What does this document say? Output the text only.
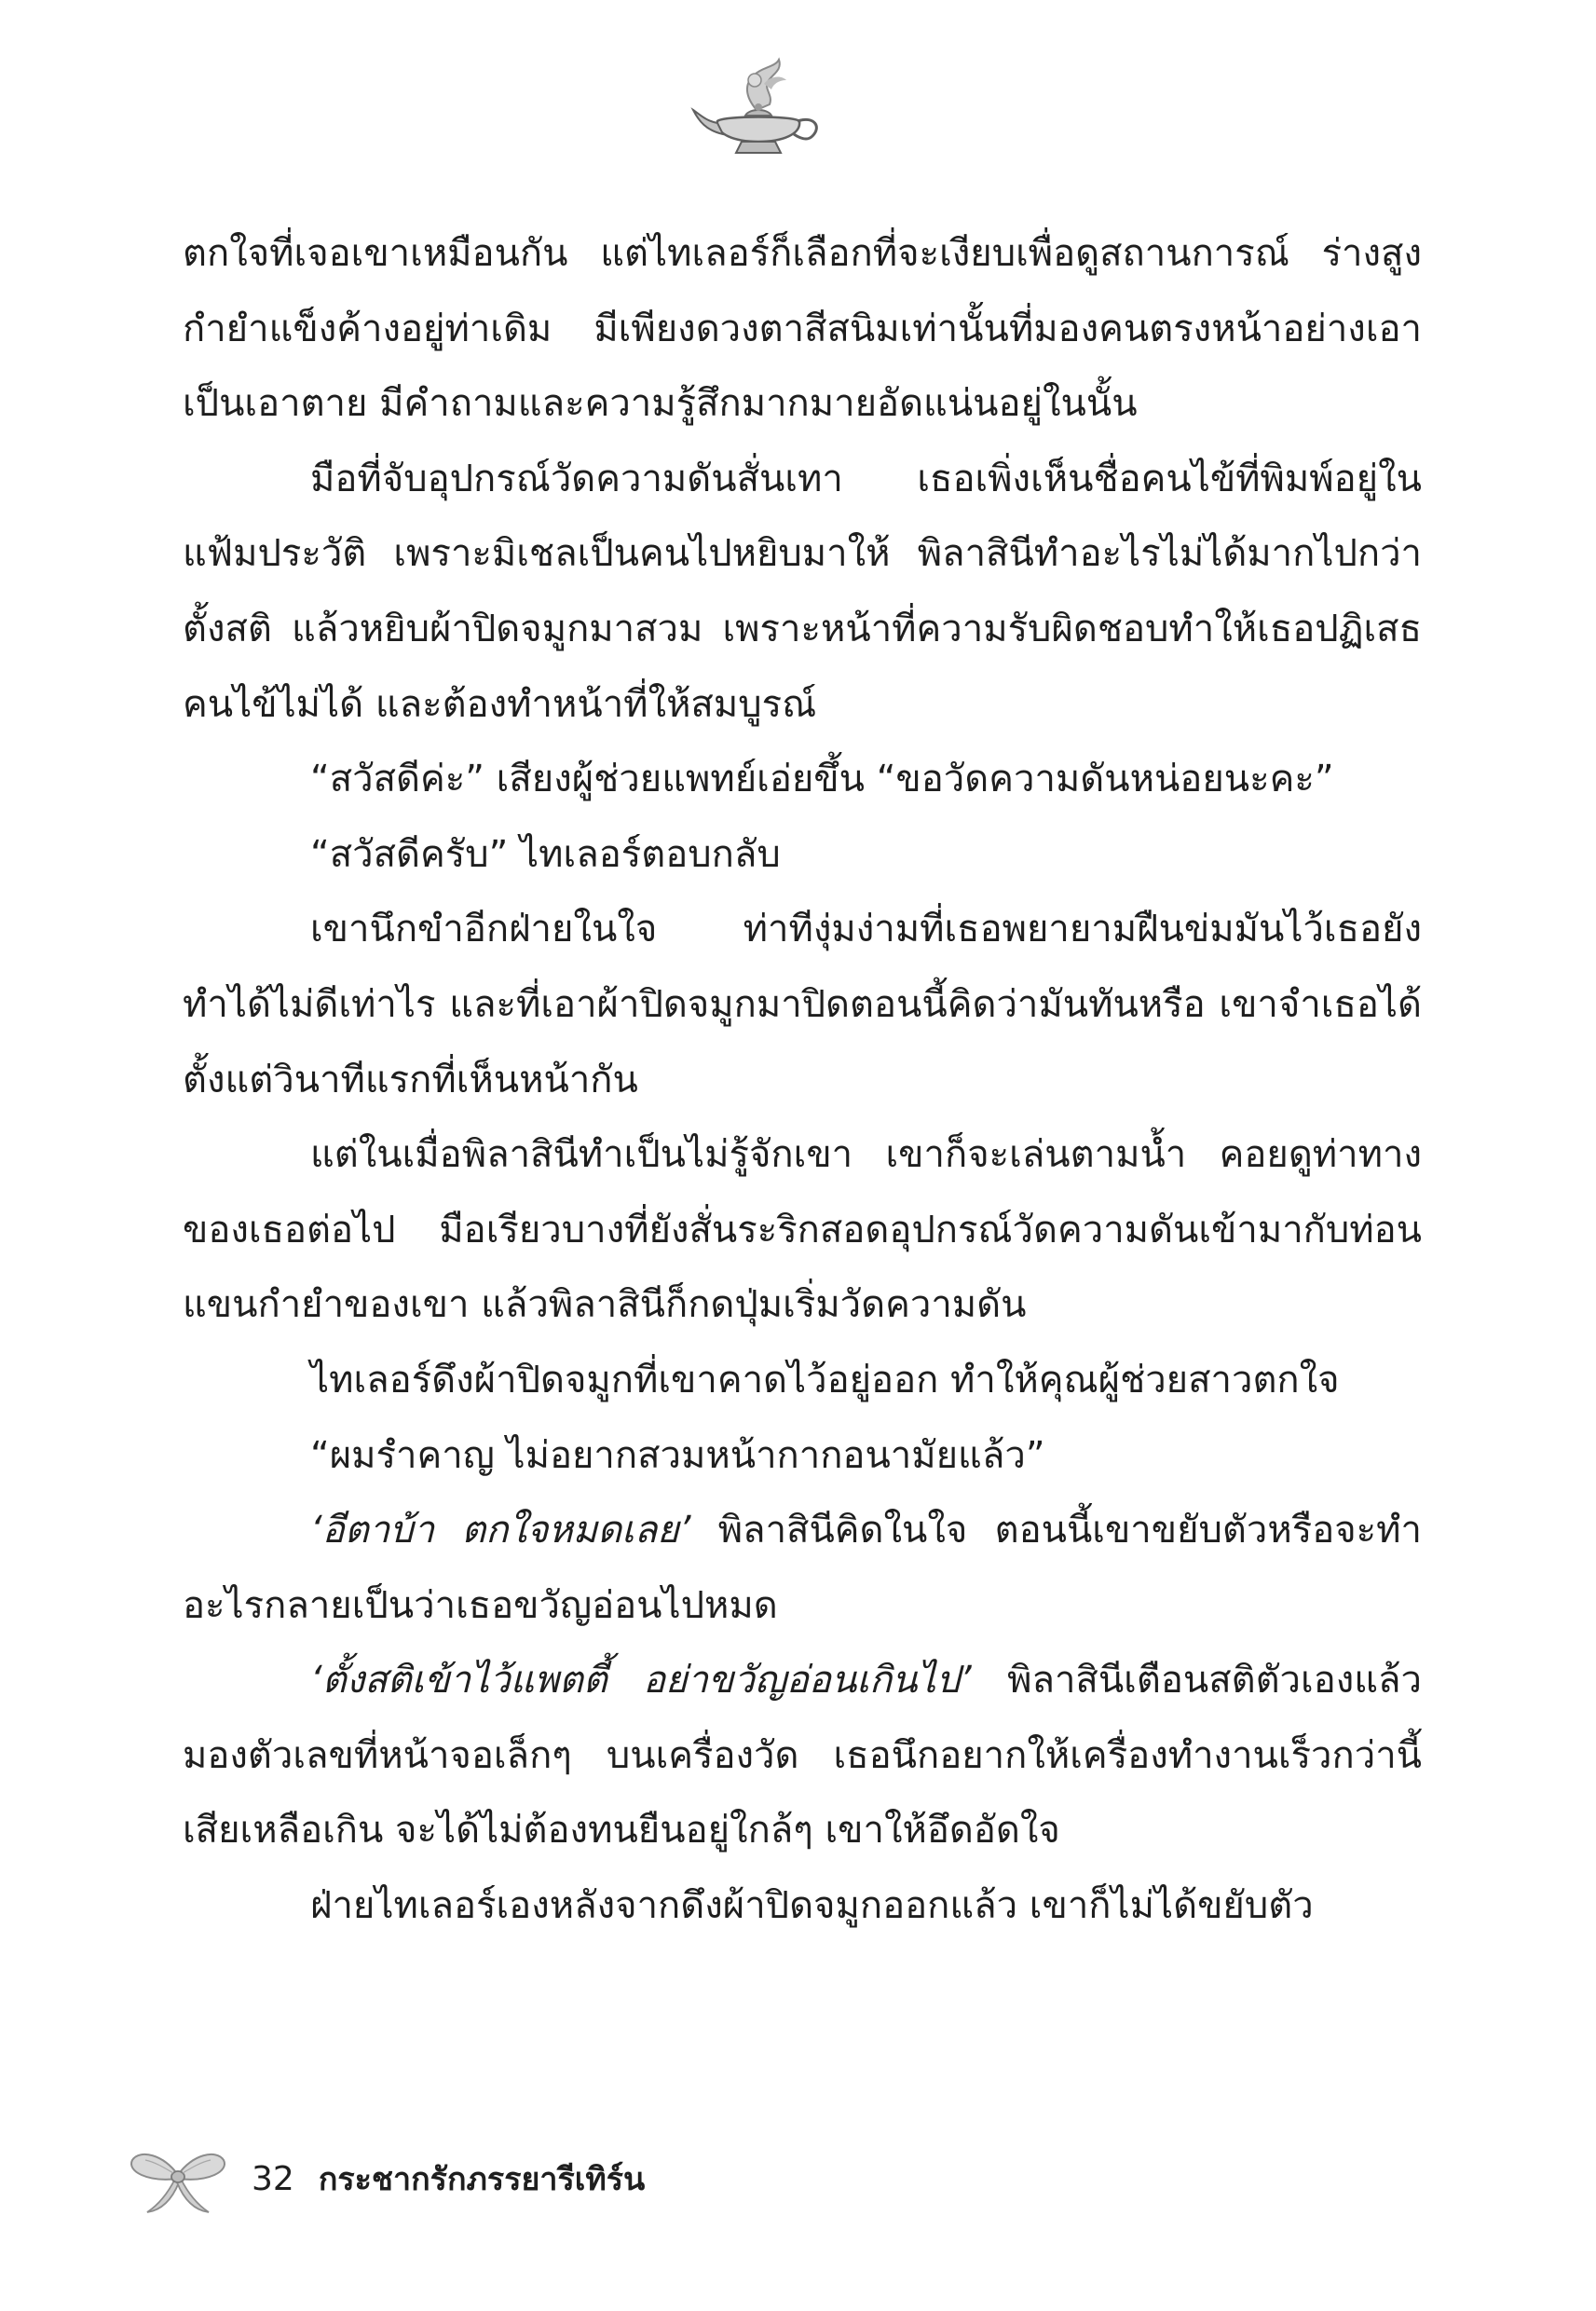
ตกใจที่เจอเขาเหมือนกัน แต่ไทเลอร์ก็เลือกที่จะเงียบเพื่อดูสถานการณ์ ร่างสูงกำยำแข็งค้างอยู่ท่าเดิม มีเพียงดวงตาสีสนิมเท่านั้นที่มองคนตรงหน้าอย่างเอาเป็นเอาตาย มีคำถามและความรู้สึกมากมายอัดแน่นอยู่ในนั้น

มือที่จับอุปกรณ์วัดความดันสั่นเทา เธอเพิ่งเห็นชื่อคนไข้ที่พิมพ์อยู่ในแฟ้มประวัติ เพราะมิเชลเป็นคนไปหยิบมาให้ พิลาสินีทำอะไรไม่ได้มากไปกว่าตั้งสติ แล้วหยิบผ้าปิดจมูกมาสวม เพราะหน้าที่ความรับผิดชอบทำให้เธอปฏิเสธคนไข้ไม่ได้ และต้องทำหน้าที่ให้สมบูรณ์

“สวัสดีค่ะ” เสียงผู้ช่วยแพทย์เอ่ยขึ้น “ขอวัดความดันหน่อยนะคะ”

“สวัสดีครับ” ไทเลอร์ตอบกลับ

เขานึกขำอีกฝ่ายในใจ ท่าทีงุ่มง่ามที่เธอพยายามฝืนข่มมันไว้เธอยังทำได้ไม่ดีเท่าไร และที่เอาผ้าปิดจมูกมาปิดตอนนี้คิดว่ามันทันหรือ เขาจำเธอได้ตั้งแต่วินาทีแรกที่เห็นหน้ากัน

แต่ในเมื่อพิลาสินีทำเป็นไม่รู้จักเขา เขาก็จะเล่นตามน้ำ คอยดูท่าทางของเธอต่อไป มือเรียวบางที่ยังสั่นระริกสอดอุปกรณ์วัดความดันเข้ามากับท่อนแขนกำยำของเขา แล้วพิลาสินีก็กดปุ่มเริ่มวัดความดัน

ไทเลอร์ดึงผ้าปิดจมูกที่เขาคาดไว้อยู่ออก ทำให้คุณผู้ช่วยสาวตกใจ

“ผมรำคาญ ไม่อยากสวมหน้ากากอนามัยแล้ว”

‘อีตาบ้า ตกใจหมดเลย’ พิลาสินีคิดในใจ ตอนนี้เขาขยับตัวหรือจะทำอะไรกลายเป็นว่าเธอขวัญอ่อนไปหมด

‘ตั้งสติเข้าไว้แพตตี้ อย่าขวัญอ่อนเกินไป’ พิลาสินีเตือนสติตัวเองแล้วมองตัวเลขที่หน้าจอเล็กๆ บนเครื่องวัด เธอนึกอยากให้เครื่องทำงานเร็วกว่านี้เสียเหลือเกิน จะได้ไม่ต้องทนยืนอยู่ใกล้ๆ เขาให้อึดอัดใจ

ฝ่ายไทเลอร์เองหลังจากดึงผ้าปิดจมูกออกแล้ว เขาก็ไม่ได้ขยับตัว

32 กระชากรักภรรยารีเทิร์น
